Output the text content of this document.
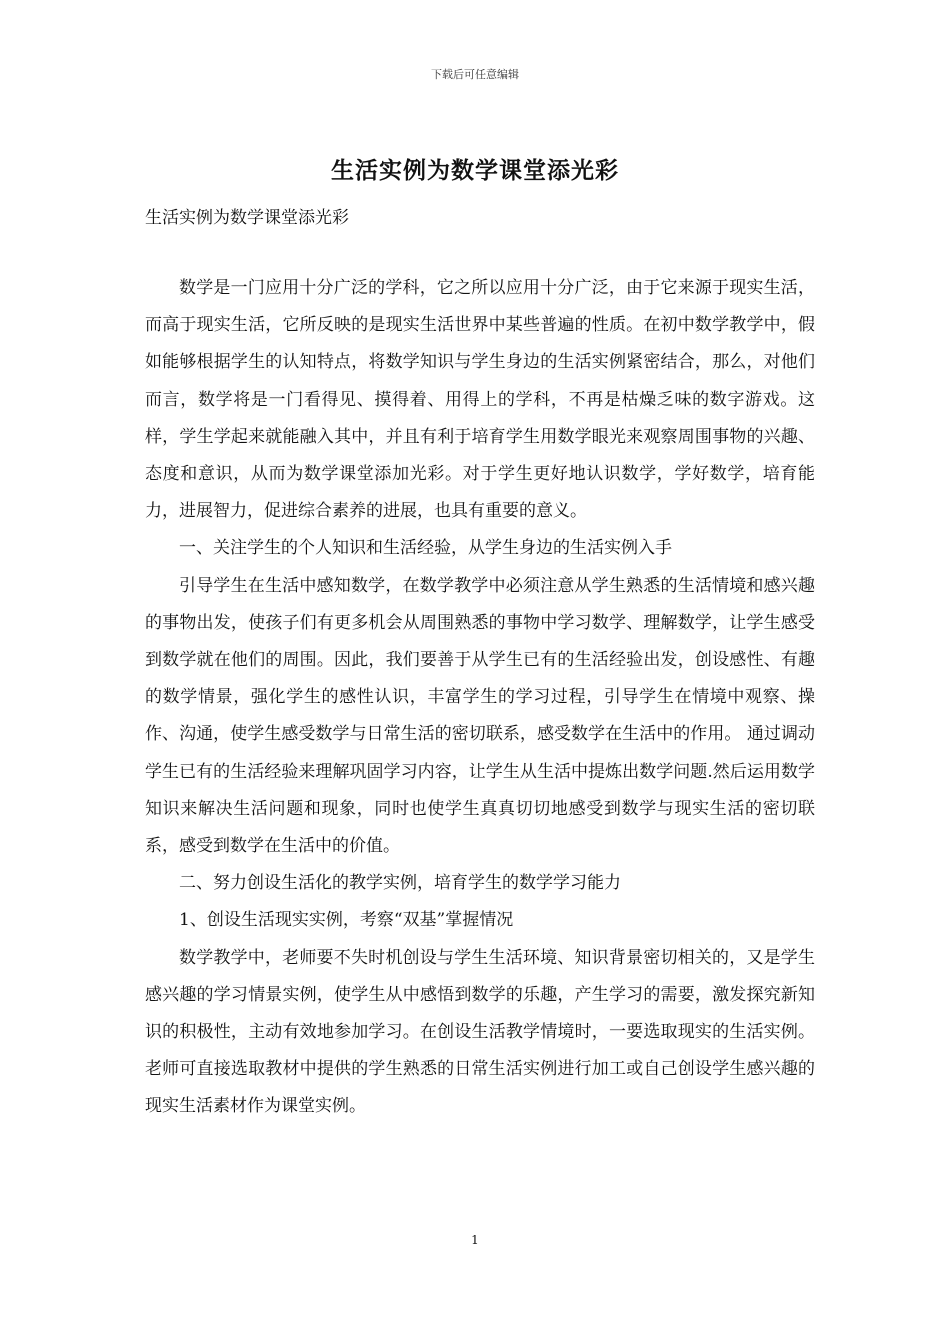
下载后可任意编辑
生活实例为数学课堂添光彩
生活实例为数学课堂添光彩

数学是一门应用十分广泛的学科，它之所以应用十分广泛，由于它来源于现实生活，而高于现实生活，它所反映的是现实生活世界中某些普遍的性质。在初中数学教学中，假如能够根据学生的认知特点，将数学知识与学生身边的生活实例紧密结合，那么，对他们而言，数学将是一门看得见、摸得着、用得上的学科，不再是枯燥乏味的数字游戏。这样，学生学起来就能融入其中，并且有利于培育学生用数学眼光来观察周围事物的兴趣、态度和意识，从而为数学课堂添加光彩。对于学生更好地认识数学，学好数学，培育能力，进展智力，促进综合素养的进展，也具有重要的意义。

一、关注学生的个人知识和生活经验，从学生身边的生活实例入手

引导学生在生活中感知数学，在数学教学中必须注意从学生熟悉的生活情境和感兴趣的事物出发，使孩子们有更多机会从周围熟悉的事物中学习数学、理解数学，让学生感受到数学就在他们的周围。因此，我们要善于从学生已有的生活经验出发，创设感性、有趣的数学情景，强化学生的感性认识，丰富学生的学习过程，引导学生在情境中观察、操作、沟通，使学生感受数学与日常生活的密切联系，感受数学在生活中的作用。 通过调动学生已有的生活经验来理解巩固学习内容，让学生从生活中提炼出数学问题.然后运用数学知识来解决生活问题和现象，同时也使学生真真切切地感受到数学与现实生活的密切联系，感受到数学在生活中的价值。

二、努力创设生活化的教学实例，培育学生的数学学习能力

1、创设生活现实实例，考察“双基”掌握情况

数学教学中，老师要不失时机创设与学生生活环境、知识背景密切相关的，又是学生感兴趣的学习情景实例，使学生从中感悟到数学的乐趣，产生学习的需要，激发探究新知识的积极性，主动有效地参加学习。在创设生活教学情境时，一要选取现实的生活实例。老师可直接选取教材中提供的学生熟悉的日常生活实例进行加工或自己创设学生感兴趣的现实生活素材作为课堂实例。

1
